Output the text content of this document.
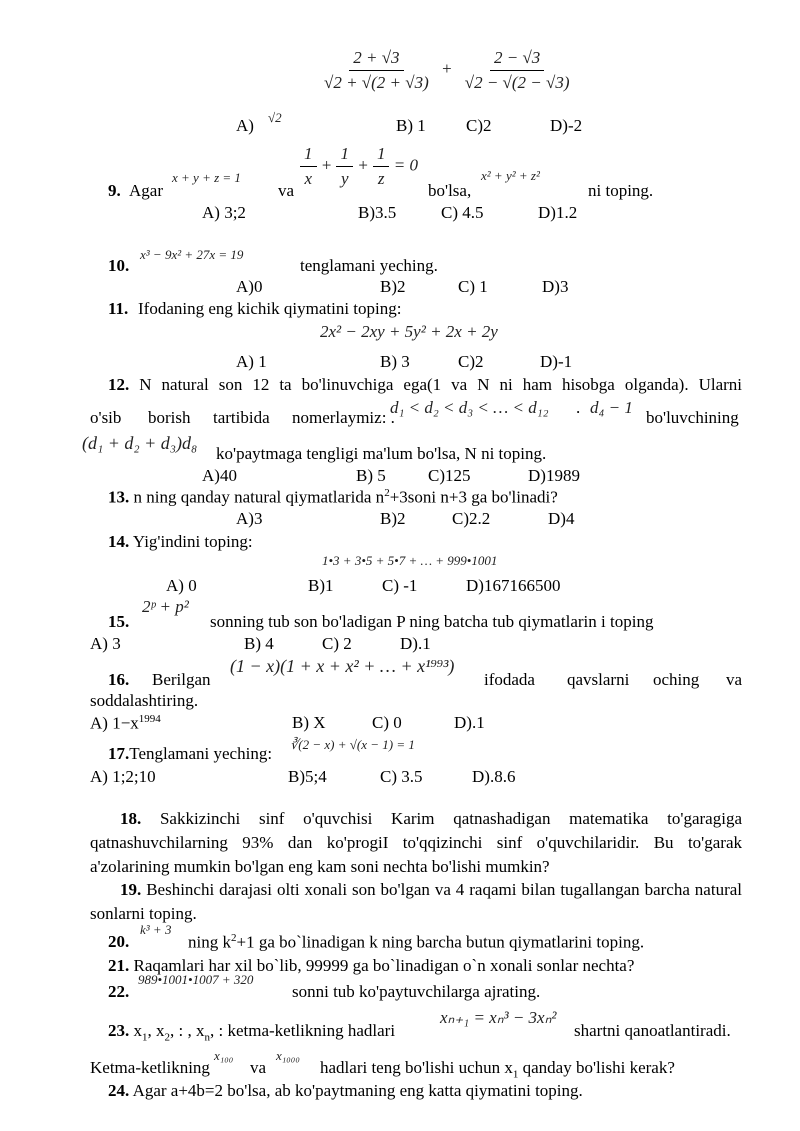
$\frac{2 + √3}{√2 + √(2 + √3)} + \frac{2 - √3}{√2 - √(2 - √3)}$
A) √2	B) 1 C)2	D)-2
$\frac{1}{x} + \frac{1}{y} + \frac{1}{z} = 0$
9. Agar
x + y + z = 1
va	bo'lsa,
x² + y² + z²
ni toping.
A) 3;2	B)3.5	C) 4.5	D)1.2
10.
x³ − 9x² + 27x = 19
tenglamani yeching.
A)0	B)2	C) 1	D)3
11. Ifodaning eng kichik qiymatini toping:
2x² − 2xy + 5y² + 2x + 2y
A) 1	B) 3	C)2	D)-1
12. N natural son 12 ta bo'linuvchiga ega(1 va N ni ham hisobga olganda). Ularni
o'sib borish tartibida nomerlaymiz: .
d₁ < d₂ < d₃ < … < d₁₂ . d₄ − 1
bo'luvchining
(d₁ + d₂ + d₃)d₈
ko'paytmaga tengligi ma'lum bo'lsa, N ni toping.
A)40	B) 5 C)125	D)1989
13. n ning qanday natural qiymatlarida $n^2+3soni$ n+3 ga bo'linadi?
A)3	B)2	C)2.2	D)4
14. Yig'indini toping:
1•3 + 3•5 + 5•7 + … + 999•1001
A) 0	B)1	C) -1	D)167166500
15.
2ᵖ + p²
sonning tub son bo'ladigan P ning batcha tub qiymatlarin i toping
A) 3	B) 4	C) 2	D).1
16. Berilgan
(1 − x)(1 + x + x² + … + x¹⁹⁹³)
ifodada qavslarni oching va
soddalashtiring.
A) $1-x^{1994}$	B) X	C) 0	D).1
17.Tenglamani yeching: ∛(2 − x) + √(x − 1) = 1
A) 1;2;10	B)5;4	C) 3.5	D).8.6
18. Sakkizinchi sinf o'quvchisi Karim qatnashadigan matematika to'garagiga qatnashuvchilarning 93% dan ko'progiI to'qqizinchi sinf o'quvchilaridir. Bu to'garak a'zolarining mumkin bo'lgan eng kam soni nechta bo'lishi mumkin?
19. Beshinchi darajasi olti xonali son bo'lgan va 4 raqami bilan tugallangan barcha natural sonlarni toping.
20.
k³ + 3
ning $k^2+1$ ga bo`linadigan k ning barcha butun qiymatlarini toping.
21. Raqamlari har xil bo`lib, 99999 ga bo`linadigan o`n xonali sonlar nechta?
22.
989•1001•1007 + 320
sonni tub ko'paytuvchilarga ajrating.
23. $x_1$, $x_2$, : , $x_n$, : ketma-ketlikning hadlari
xₙ₊₁ = xₙ³ − 3xₙ²
shartni qanoatlantiradi.
Ketma-ketlikning
x₁₀₀
va
x₁₀₀₀
hadlari teng bo'lishi uchun $x_1$ qanday bo'lishi kerak?
24. Agar a+4b=2 bo'lsa, ab ko'paytmaning eng katta qiymatini toping.
